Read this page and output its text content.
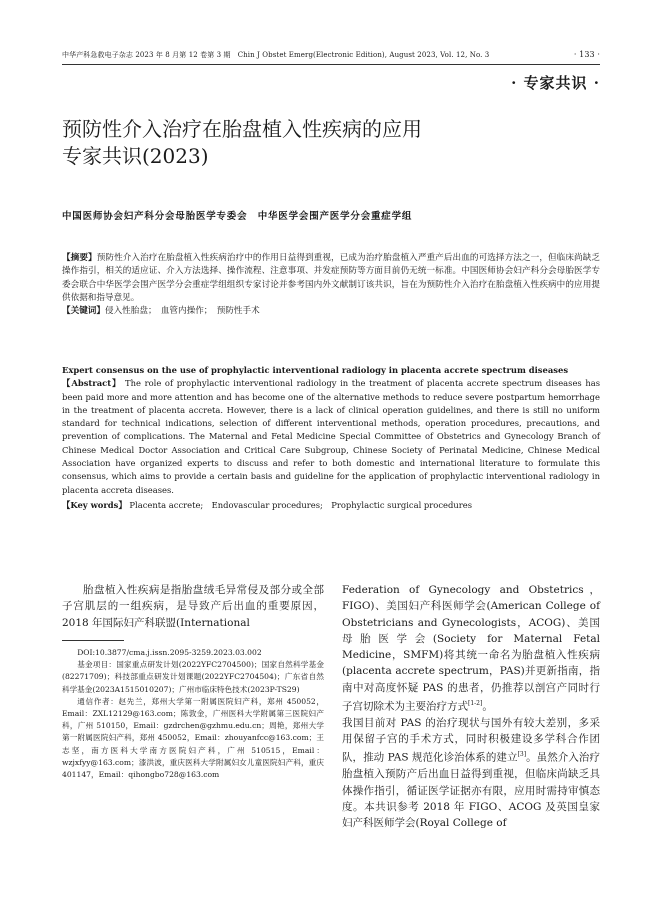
中华产科急救电子杂志 2023 年 8 月第 12 卷第 3 期　Chin J Obstet Emerg(Electronic Edition), August 2023, Vol. 12, No. 3	· 133 ·
· 专家共识 ·
预防性介入治疗在胎盘植入性疾病的应用
专家共识(2023)
中国医师协会妇产科分会母胎医学专委会　中华医学会围产医学分会重症学组

【摘要】预防性介入治疗在胎盘植入性疾病治疗中的作用日益得到重视，已成为治疗胎盘植入严重产后出血的可选择方法之一，但临床尚缺乏操作指引，相关的适应证、介入方法选择、操作流程、注意事项、并发症预防等方面目前仍无统一标准。中国医师协会妇产科分会母胎医学专委会联合中华医学会围产医学分会重症学组组织专家讨论并参考国内外文献制订该共识，旨在为预防性介入治疗在胎盘植入性疾病中的应用提供依据和指导意见。

【关键词】侵入性胎盘；　血管内操作；　预防性手术

Expert consensus on the use of prophylactic interventional radiology in placenta accrete spectrum diseases

【Abstract】 The role of prophylactic interventional radiology in the treatment of placenta accrete spectrum diseases has been paid more and more attention and has become one of the alternative methods to reduce severe postpartum hemorrhage in the treatment of placenta accreta. However, there is a lack of clinical operation guidelines, and there is still no uniform standard for technical indications, selection of different interventional methods, operation procedures, precautions, and prevention of complications. The Maternal and Fetal Medicine Special Committee of Obstetrics and Gynecology Branch of Chinese Medical Doctor Association and Critical Care Subgroup, Chinese Society of Perinatal Medicine, Chinese Medical Association have organized experts to discuss and refer to both domestic and international literature to formulate this consensus, which aims to provide a certain basis and guideline for the application of prophylactic interventional radiology in placenta accreta diseases.

【Key words】 Placenta accrete;　Endovascular procedures;　Prophylactic surgical procedures

胎盘植入性疾病是指胎盘绒毛异常侵及部分或全部子宫肌层的一组疾病，是导致产后出血的重要原因，2018 年国际妇产科联盟(International

DOI:10.3877/cma.j.issn.2095-3259.2023.03.002

基金项目：国家重点研发计划(2022YFC2704500)；国家自然科学基金(82271709)；科技部重点研发计划课题(2022YFC2704504)；广东省自然科学基金(2023A1515010207)；广州市临床特色技术(2023P-TS29)

通信作者：赵先兰，郑州大学第一附属医院妇产科，郑州 450052，Email：ZXL12129@163.com；陈敦金，广州医科大学附属第三医院妇产科，广州 510150，Email：gzdrchen@gzhmu.edu.cn；周艳，郑州大学第一附属医院妇产科，郑州 450052，Email：zhouyanfcc@163.com；王志坚，南方医科大学南方医院妇产科，广州 510515，Email：wzjxfyy@163.com；漆洪波，重庆医科大学附属妇女儿童医院妇产科，重庆 401147，Email：qihongbo728@163.com

Federation of Gynecology and Obstetrics，FIGO)、美国妇产科医师学会(American College of Obstetricians and Gynecologists，ACOG)、美国母胎医学会(Society for Maternal Fetal Medicine，SMFM)将其统一命名为胎盘植入性疾病(placenta accrete spectrum，PAS)并更新指南，指南中对高度怀疑 PAS 的患者，仍推荐以剖宫产同时行子宫切除术为主要治疗方式[1-2]。

我国目前对 PAS 的治疗现状与国外有较大差别，多采用保留子宫的手术方式，同时积极建设多学科合作团队，推动 PAS 规范化诊治体系的建立[3]。虽然介入治疗胎盘植入预防产后出血日益得到重视，但临床尚缺乏具体操作指引，循证医学证据亦有限，应用时需持审慎态度。本共识参考 2018 年 FIGO、ACOG 及英国皇家妇产科医师学会(Royal College of
